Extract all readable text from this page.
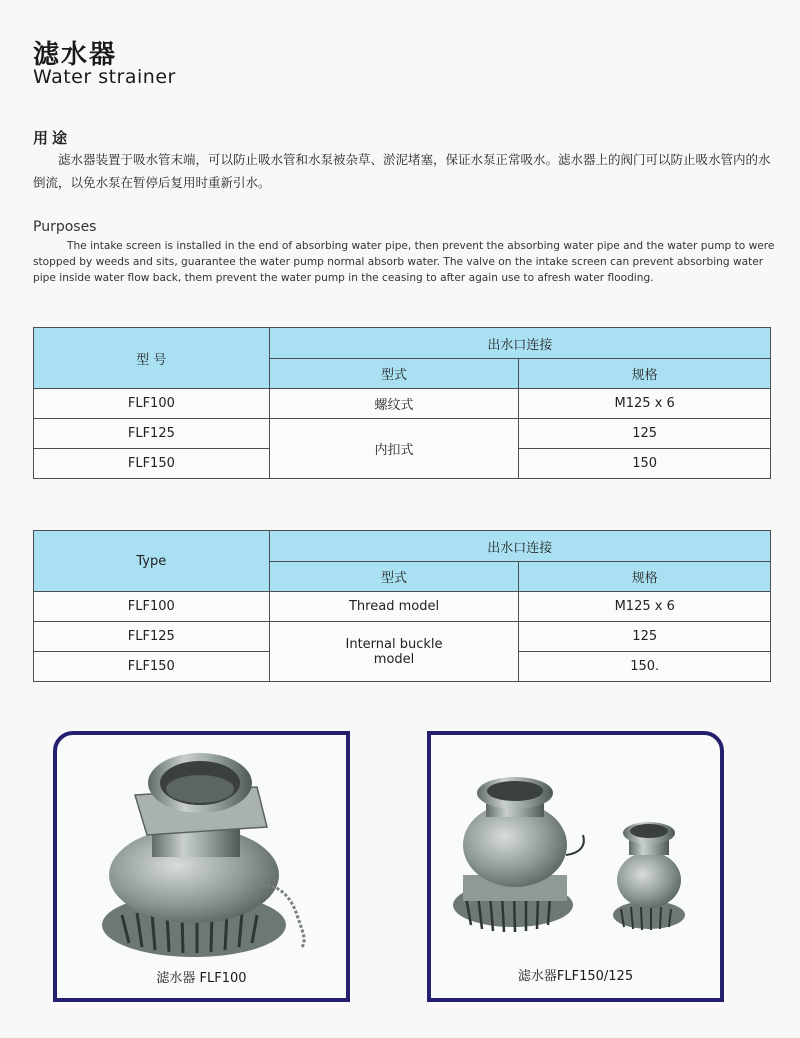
滤水器
Water strainer
用途
滤水器装置于吸水管末端，可以防止吸水管和水泵被杂草、淤泥堵塞，保证水泵正常吸水。滤水器上的阀门可以防止吸水管内的水倒流，以免水泵在暂停后复用时重新引水。
Purposes
The intake screen is installed in the end of absorbing water pipe, then prevent the absorbing water pipe and the water pump to were stopped by weeds and sits, guarantee the water pump normal absorb water. The valve on the intake screen can prevent absorbing water pipe inside water flow back, them prevent the water pump in the ceasing to after again use to afresh water flooding.
型 号	出水口连接	
	型式	规格
FLF100	螺纹式	M125 x 6
FLF125	内扣式	125
FLF150		150
Type	出水口连接	
	型式	规格
FLF100	Thread model	M125 x 6
FLF125	Internal buckle model	125
FLF150		150.
滤水器 FLF100	滤水器FLF150/125
